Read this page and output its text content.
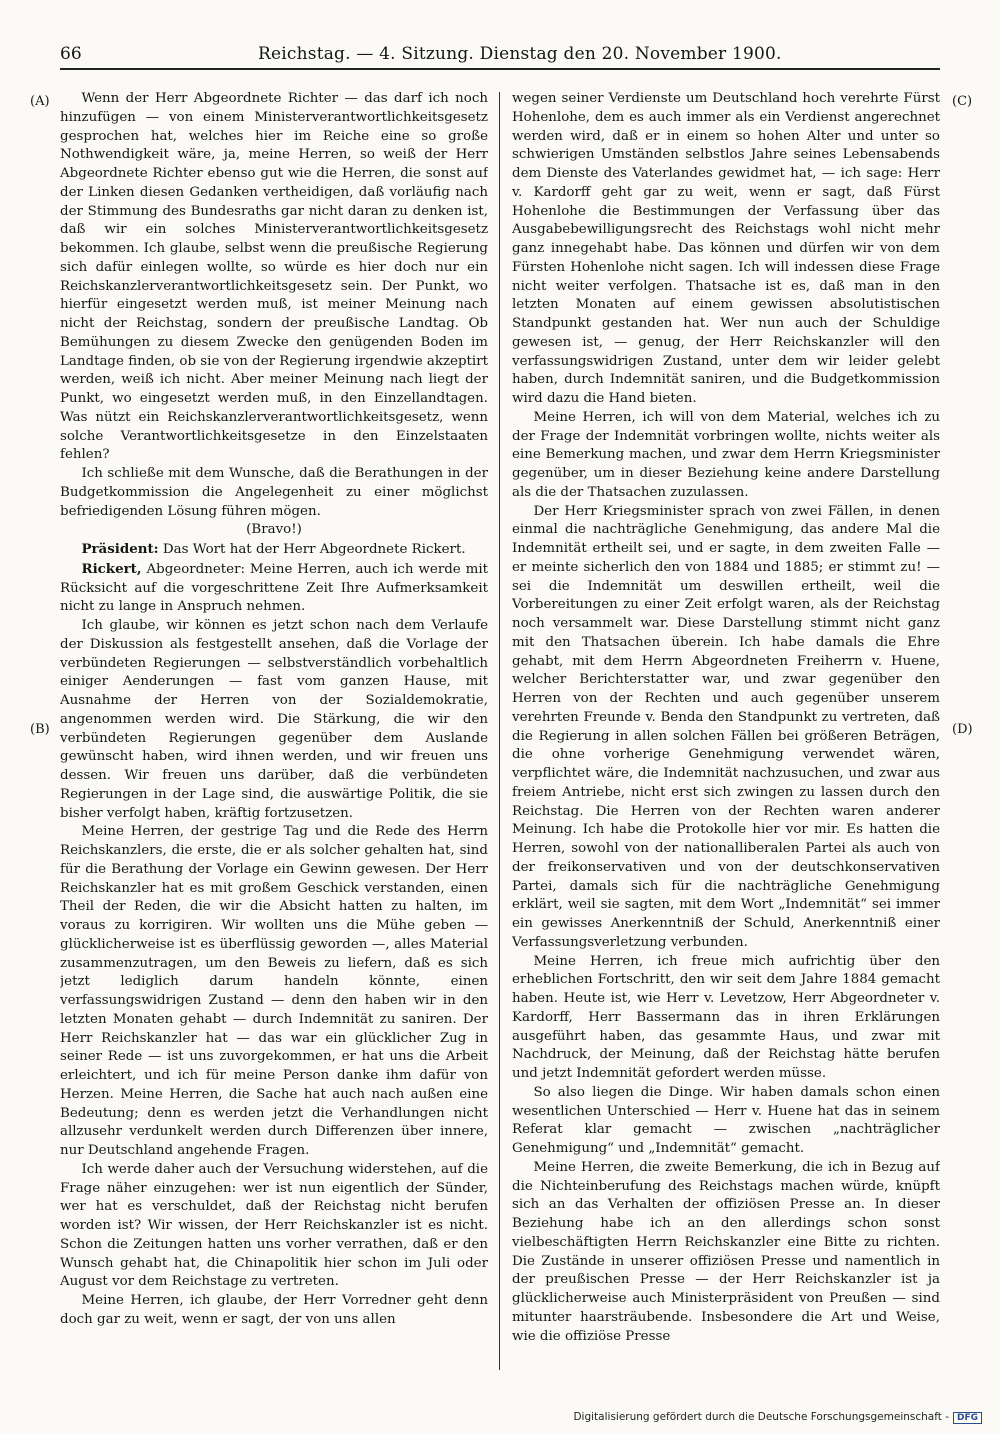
66	Reichstag. — 4. Sitzung. Dienstag den 20. November 1900.
(A)
(B)
(C)
(D)

Wenn der Herr Abgeordnete Richter — das darf ich noch hinzufügen — von einem Ministerverantwortlichkeitsgesetz gesprochen hat, welches hier im Reiche eine so große Nothwendigkeit wäre, ja, meine Herren, so weiß der Herr Abgeordnete Richter ebenso gut wie die Herren, die sonst auf der Linken diesen Gedanken vertheidigen, daß vorläufig nach der Stimmung des Bundesraths gar nicht daran zu denken ist, daß wir ein solches Ministerverantwortlichkeitsgesetz bekommen. Ich glaube, selbst wenn die preußische Regierung sich dafür einlegen wollte, so würde es hier doch nur ein Reichskanzlerverantwortlichkeitsgesetz sein. Der Punkt, wo hierfür eingesetzt werden muß, ist meiner Meinung nach nicht der Reichstag, sondern der preußische Landtag. Ob Bemühungen zu diesem Zwecke den genügenden Boden im Landtage finden, ob sie von der Regierung irgendwie akzeptirt werden, weiß ich nicht. Aber meiner Meinung nach liegt der Punkt, wo eingesetzt werden muß, in den Einzellandtagen. Was nützt ein Reichskanzlerverantwortlichkeitsgesetz, wenn solche Verantwortlichkeitsgesetze in den Einzelstaaten fehlen?

Ich schließe mit dem Wunsche, daß die Berathungen in der Budgetkommission die Angelegenheit zu einer möglichst befriedigenden Lösung führen mögen.

(Bravo!)

Präsident: Das Wort hat der Herr Abgeordnete Rickert.

Rickert, Abgeordneter: Meine Herren, auch ich werde mit Rücksicht auf die vorgeschrittene Zeit Ihre Aufmerksamkeit nicht zu lange in Anspruch nehmen.

Ich glaube, wir können es jetzt schon nach dem Verlaufe der Diskussion als festgestellt ansehen, daß die Vorlage der verbündeten Regierungen — selbstverständlich vorbehaltlich einiger Aenderungen — fast vom ganzen Hause, mit Ausnahme der Herren von der Sozialdemokratie, angenommen werden wird. Die Stärkung, die wir den verbündeten Regierungen gegenüber dem Auslande gewünscht haben, wird ihnen werden, und wir freuen uns dessen. Wir freuen uns darüber, daß die verbündeten Regierungen in der Lage sind, die auswärtige Politik, die sie bisher verfolgt haben, kräftig fortzusetzen.

Meine Herren, der gestrige Tag und die Rede des Herrn Reichskanzlers, die erste, die er als solcher gehalten hat, sind für die Berathung der Vorlage ein Gewinn gewesen. Der Herr Reichskanzler hat es mit großem Geschick verstanden, einen Theil der Reden, die wir die Absicht hatten zu halten, im voraus zu korrigiren. Wir wollten uns die Mühe geben — glücklicherweise ist es überflüssig geworden —, alles Material zusammenzutragen, um den Beweis zu liefern, daß es sich jetzt lediglich darum handeln könnte, einen verfassungswidrigen Zustand — denn den haben wir in den letzten Monaten gehabt — durch Indemnität zu saniren. Der Herr Reichskanzler hat — das war ein glücklicher Zug in seiner Rede — ist uns zuvorgekommen, er hat uns die Arbeit erleichtert, und ich für meine Person danke ihm dafür von Herzen. Meine Herren, die Sache hat auch nach außen eine Bedeutung; denn es werden jetzt die Verhandlungen nicht allzusehr verdunkelt werden durch Differenzen über innere, nur Deutschland angehende Fragen.

Ich werde daher auch der Versuchung widerstehen, auf die Frage näher einzugehen: wer ist nun eigentlich der Sünder, wer hat es verschuldet, daß der Reichstag nicht berufen worden ist? Wir wissen, der Herr Reichskanzler ist es nicht. Schon die Zeitungen hatten uns vorher verrathen, daß er den Wunsch gehabt hat, die Chinapolitik hier schon im Juli oder August vor dem Reichstage zu vertreten.

Meine Herren, ich glaube, der Herr Vorredner geht denn doch gar zu weit, wenn er sagt, der von uns allen

wegen seiner Verdienste um Deutschland hoch verehrte Fürst Hohenlohe, dem es auch immer als ein Verdienst angerechnet werden wird, daß er in einem so hohen Alter und unter so schwierigen Umständen selbstlos Jahre seines Lebensabends dem Dienste des Vaterlandes gewidmet hat, — ich sage: Herr v. Kardorff geht gar zu weit, wenn er sagt, daß Fürst Hohenlohe die Bestimmungen der Verfassung über das Ausgabebewilligungsrecht des Reichstags wohl nicht mehr ganz innegehabt habe. Das können und dürfen wir von dem Fürsten Hohenlohe nicht sagen. Ich will indessen diese Frage nicht weiter verfolgen. Thatsache ist es, daß man in den letzten Monaten auf einem gewissen absolutistischen Standpunkt gestanden hat. Wer nun auch der Schuldige gewesen ist, — genug, der Herr Reichskanzler will den verfassungswidrigen Zustand, unter dem wir leider gelebt haben, durch Indemnität saniren, und die Budgetkommission wird dazu die Hand bieten.

Meine Herren, ich will von dem Material, welches ich zu der Frage der Indemnität vorbringen wollte, nichts weiter als eine Bemerkung machen, und zwar dem Herrn Kriegsminister gegenüber, um in dieser Beziehung keine andere Darstellung als die der Thatsachen zuzulassen.

Der Herr Kriegsminister sprach von zwei Fällen, in denen einmal die nachträgliche Genehmigung, das andere Mal die Indemnität ertheilt sei, und er sagte, in dem zweiten Falle — er meinte sicherlich den von 1884 und 1885; er stimmt zu! — sei die Indemnität um deswillen ertheilt, weil die Vorbereitungen zu einer Zeit erfolgt waren, als der Reichstag noch versammelt war. Diese Darstellung stimmt nicht ganz mit den Thatsachen überein. Ich habe damals die Ehre gehabt, mit dem Herrn Abgeordneten Freiherrn v. Huene, welcher Berichterstatter war, und zwar gegenüber den Herren von der Rechten und auch gegenüber unserem verehrten Freunde v. Benda den Standpunkt zu vertreten, daß die Regierung in allen solchen Fällen bei größeren Beträgen, die ohne vorherige Genehmigung verwendet wären, verpflichtet wäre, die Indemnität nachzusuchen, und zwar aus freiem Antriebe, nicht erst sich zwingen zu lassen durch den Reichstag. Die Herren von der Rechten waren anderer Meinung. Ich habe die Protokolle hier vor mir. Es hatten die Herren, sowohl von der nationalliberalen Partei als auch von der freikonservativen und von der deutschkonservativen Partei, damals sich für die nachträgliche Genehmigung erklärt, weil sie sagten, mit dem Wort „Indemnität“ sei immer ein gewisses Anerkenntniß der Schuld, Anerkenntniß einer Verfassungsverletzung verbunden.

Meine Herren, ich freue mich aufrichtig über den erheblichen Fortschritt, den wir seit dem Jahre 1884 gemacht haben. Heute ist, wie Herr v. Levetzow, Herr Abgeordneter v. Kardorff, Herr Bassermann das in ihren Erklärungen ausgeführt haben, das gesammte Haus, und zwar mit Nachdruck, der Meinung, daß der Reichstag hätte berufen und jetzt Indemnität gefordert werden müsse.

So also liegen die Dinge. Wir haben damals schon einen wesentlichen Unterschied — Herr v. Huene hat das in seinem Referat klar gemacht — zwischen „nachträglicher Genehmigung“ und „Indemnität“ gemacht.

Meine Herren, die zweite Bemerkung, die ich in Bezug auf die Nichteinberufung des Reichstags machen würde, knüpft sich an das Verhalten der offiziösen Presse an. In dieser Beziehung habe ich an den allerdings schon sonst vielbeschäftigten Herrn Reichskanzler eine Bitte zu richten. Die Zustände in unserer offiziösen Presse und namentlich in der preußischen Presse — der Herr Reichskanzler ist ja glücklicherweise auch Ministerpräsident von Preußen — sind mitunter haarsträubende. Insbesondere die Art und Weise, wie die offiziöse Presse

Digitalisierung gefördert durch die Deutsche Forschungsgemeinschaft - DFG
